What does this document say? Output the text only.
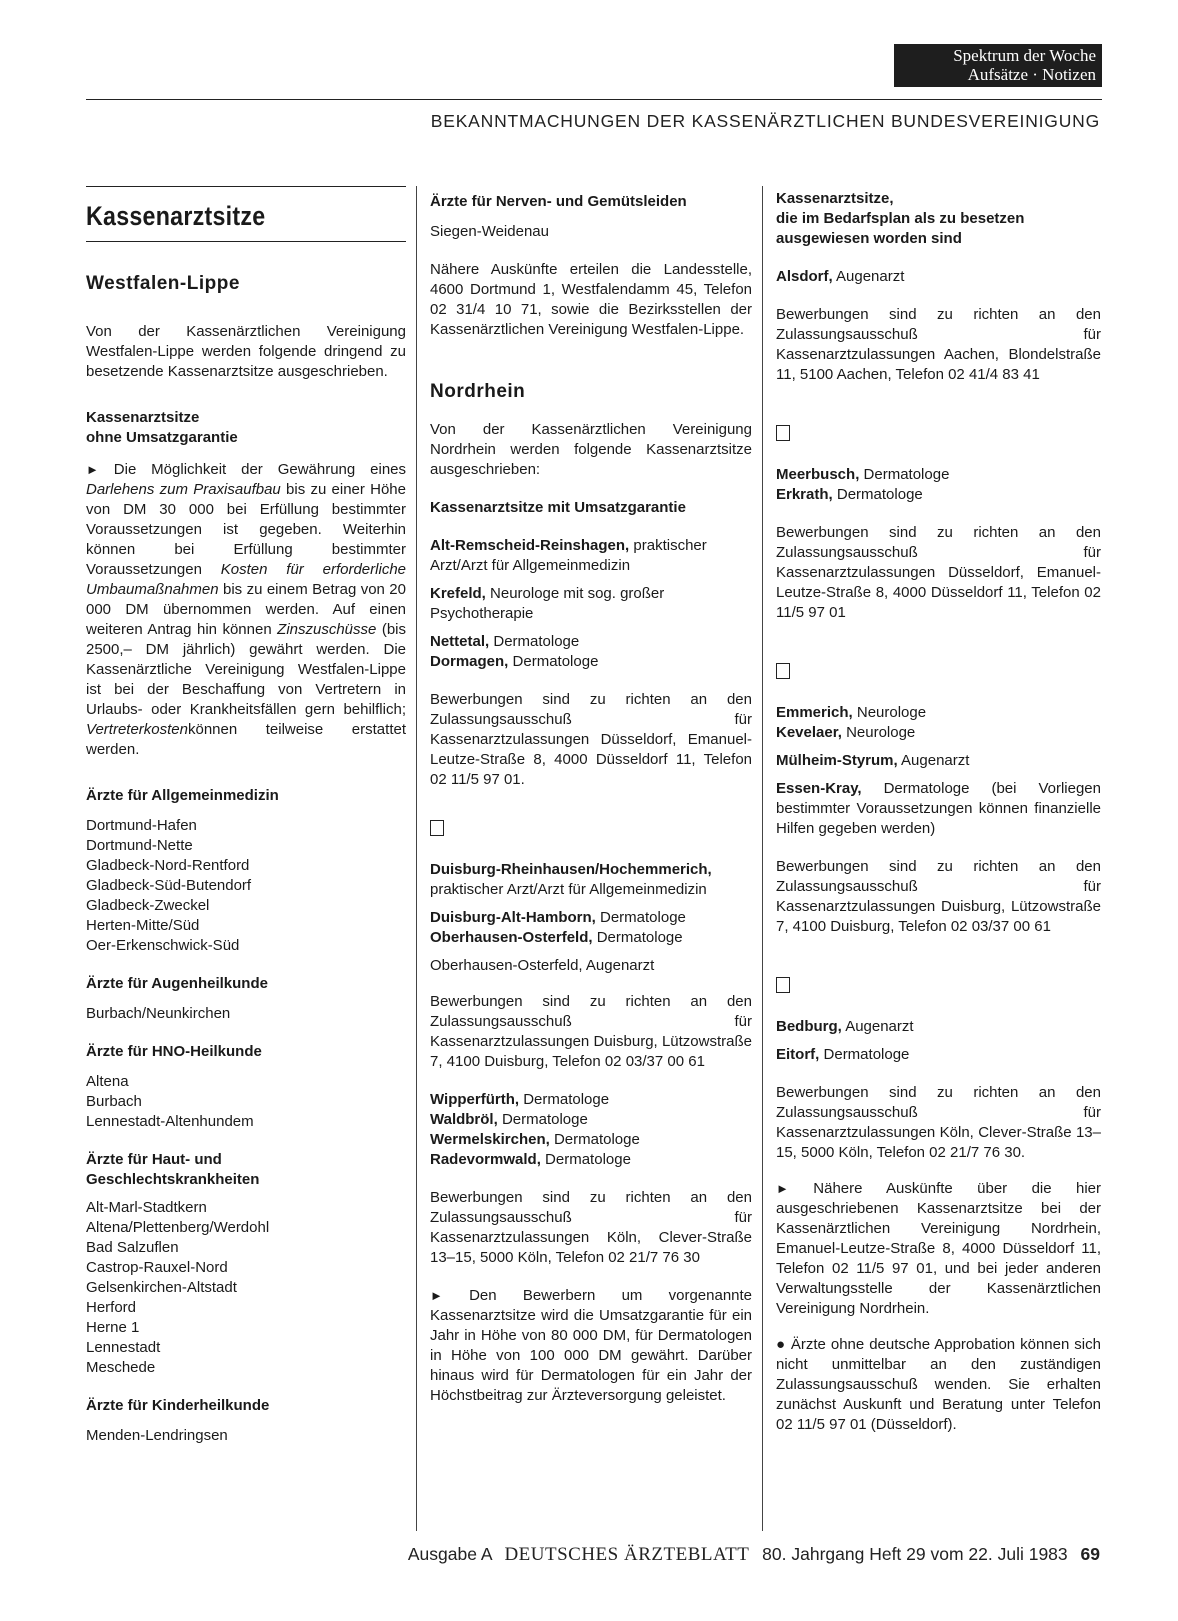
Spektrum der Woche
Aufsätze · Notizen
BEKANNTMACHUNGEN DER KASSENÄRZTLICHEN BUNDESVEREINIGUNG
Kassenarztsitze
Westfalen-Lippe

Von der Kassenärztlichen Vereinigung Westfalen-Lippe werden folgende dringend zu besetzende Kassenarztsitze ausgeschrieben.

Kassenarztsitze

ohne Umsatzgarantie

► Die Möglichkeit der Gewährung eines Darlehens zum Praxisaufbau bis zu einer Höhe von DM 30 000 bei Erfüllung bestimmter Voraussetzungen ist gegeben. Weiterhin können bei Erfüllung bestimmter Voraussetzungen Kosten für erforderliche Umbaumaßnahmen bis zu einem Betrag von 20 000 DM übernommen werden. Auf einen weiteren Antrag hin können Zinszuschüsse (bis 2500,– DM jährlich) gewährt werden. Die Kassenärztliche Vereinigung Westfalen-Lippe ist bei der Beschaffung von Vertretern in Urlaubs- oder Krankheitsfällen gern behilflich; Vertreterkostenkönnen teilweise erstattet werden.

Ärzte für Allgemeinmedizin

Dortmund-Hafen
Dortmund-Nette
Gladbeck-Nord-Rentford
Gladbeck-Süd-Butendorf
Gladbeck-Zweckel
Herten-Mitte/Süd
Oer-Erkenschwick-Süd

Ärzte für Augenheilkunde

Burbach/Neunkirchen

Ärzte für HNO-Heilkunde

Altena
Burbach
Lennestadt-Altenhundem

Ärzte für Haut- und

Geschlechtskrankheiten

Alt-Marl-Stadtkern
Altena/Plettenberg/Werdohl
Bad Salzuflen
Castrop-Rauxel-Nord
Gelsenkirchen-Altstadt
Herford
Herne 1
Lennestadt
Meschede

Ärzte für Kinderheilkunde

Menden-Lendringsen

Ärzte für Nerven- und Gemütsleiden

Siegen-Weidenau

Nähere Auskünfte erteilen die Landesstelle, 4600 Dortmund 1, Westfalendamm 45, Telefon 02 31/4 10 71, sowie die Bezirksstellen der Kassenärztlichen Vereinigung Westfalen-Lippe.

Nordrhein

Von der Kassenärztlichen Vereinigung Nordrhein werden folgende Kassenarztsitze ausgeschrieben:

Kassenarztsitze mit Umsatzgarantie

Alt-Remscheid-Reinshagen, praktischer Arzt/Arzt für Allgemeinmedizin

Krefeld, Neurologe mit sog. großer Psychotherapie

Nettetal, Dermatologe

Dormagen, Dermatologe

Bewerbungen sind zu richten an den Zulassungsausschuß für Kassenarztzulassungen Düsseldorf, Emanuel-Leutze-Straße 8, 4000 Düsseldorf 11, Telefon 02 11/5 97 01.

Duisburg-Rheinhausen/Hochemmerich, praktischer Arzt/Arzt für Allgemeinmedizin

Duisburg-Alt-Hamborn, Dermatologe

Oberhausen-Osterfeld, Dermatologe

Oberhausen-Osterfeld, Augenarzt

Bewerbungen sind zu richten an den Zulassungsausschuß für Kassenarztzulassungen Duisburg, Lützowstraße 7, 4100 Duisburg, Telefon 02 03/37 00 61

Wipperfürth, Dermatologe

Waldbröl, Dermatologe

Wermelskirchen, Dermatologe

Radevormwald, Dermatologe

Bewerbungen sind zu richten an den Zulassungsausschuß für Kassenarztzulassungen Köln, Clever-Straße 13–15, 5000 Köln, Telefon 02 21/7 76 30

► Den Bewerbern um vorgenannte Kassenarztsitze wird die Umsatzgarantie für ein Jahr in Höhe von 80 000 DM, für Dermatologen in Höhe von 100 000 DM gewährt. Darüber hinaus wird für Dermatologen für ein Jahr der Höchstbeitrag zur Ärzteversorgung geleistet.

Kassenarztsitze,

die im Bedarfsplan als zu besetzen

ausgewiesen worden sind

Alsdorf, Augenarzt

Bewerbungen sind zu richten an den Zulassungsausschuß für Kassenarztzulassungen Aachen, Blondelstraße 11, 5100 Aachen, Telefon 02 41/4 83 41

Meerbusch, Dermatologe

Erkrath, Dermatologe

Bewerbungen sind zu richten an den Zulassungsausschuß für Kassenarztzulassungen Düsseldorf, Emanuel-Leutze-Straße 8, 4000 Düsseldorf 11, Telefon 02 11/5 97 01

Emmerich, Neurologe

Kevelaer, Neurologe

Mülheim-Styrum, Augenarzt

Essen-Kray, Dermatologe (bei Vorliegen bestimmter Voraussetzungen können finanzielle Hilfen gegeben werden)

Bewerbungen sind zu richten an den Zulassungsausschuß für Kassenarztzulassungen Duisburg, Lützowstraße 7, 4100 Duisburg, Telefon 02 03/37 00 61

Bedburg, Augenarzt

Eitorf, Dermatologe

Bewerbungen sind zu richten an den Zulassungsausschuß für Kassenarztzulassungen Köln, Clever-Straße 13–15, 5000 Köln, Telefon 02 21/7 76 30.

► Nähere Auskünfte über die hier ausgeschriebenen Kassenarztsitze bei der Kassenärztlichen Vereinigung Nordrhein, Emanuel-Leutze-Straße 8, 4000 Düsseldorf 11, Telefon 02 11/5 97 01, und bei jeder anderen Verwaltungsstelle der Kassenärztlichen Vereinigung Nordrhein.

● Ärzte ohne deutsche Approbation können sich nicht unmittelbar an den zuständigen Zulassungsausschuß wenden. Sie erhalten zunächst Auskunft und Beratung unter Telefon 02 11/5 97 01 (Düsseldorf).

Ausgabe A DEUTSCHES ÄRZTEBLATT 80. Jahrgang Heft 29 vom 22. Juli 1983 69
